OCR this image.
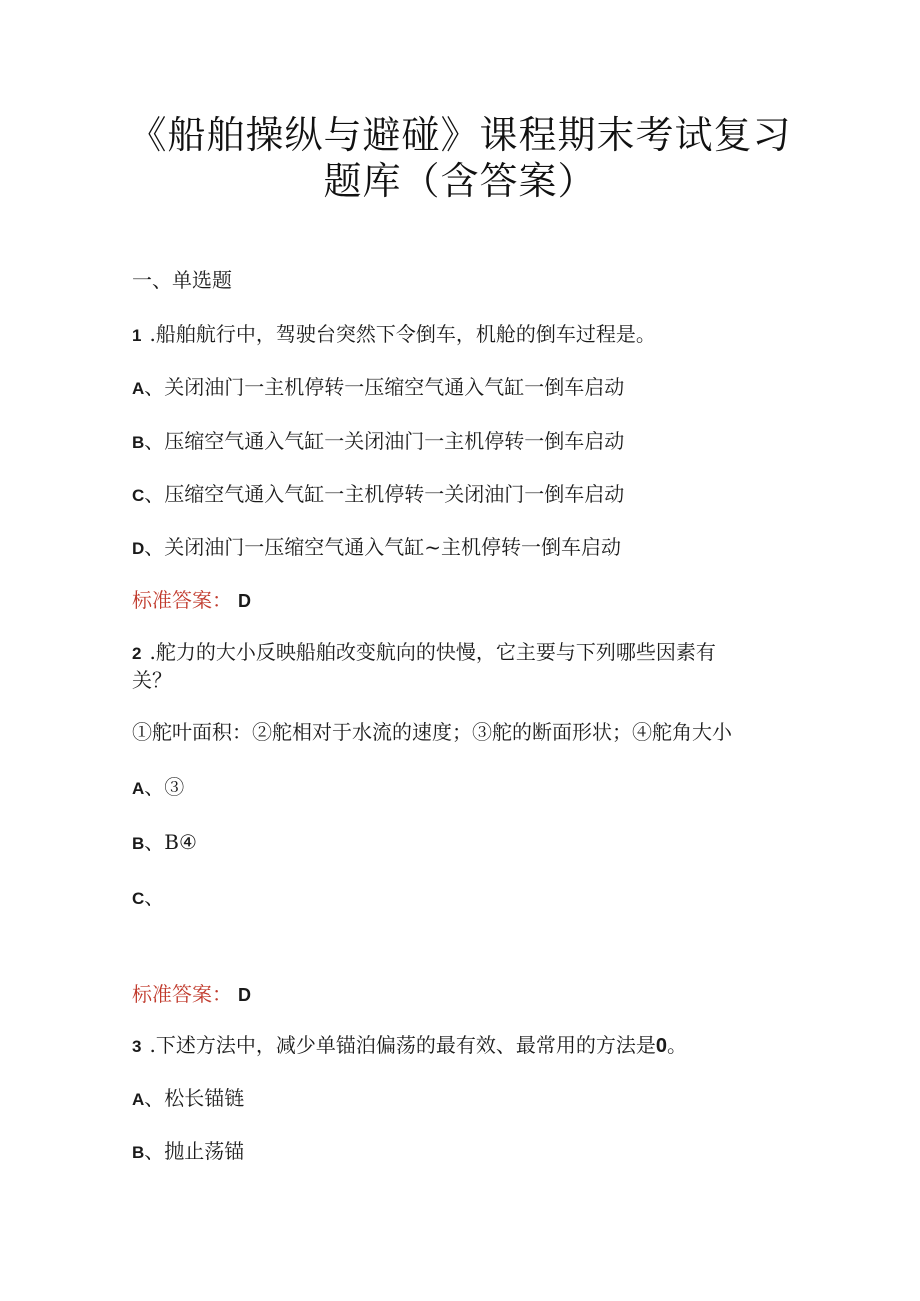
《船舶操纵与避碰》课程期末考试复习
题库（含答案）
一、单选题
1 .船舶航行中，驾驶台突然下令倒车，机舱的倒车过程是。
A、关闭油门一主机停转一压缩空气通入气缸一倒车启动
B、压缩空气通入气缸一关闭油门一主机停转一倒车启动
C、压缩空气通入气缸一主机停转一关闭油门一倒车启动
D、关闭油门一压缩空气通入气缸~主机停转一倒车启动
标准答案： D
2 .舵力的大小反映船舶改变航向的快慢，它主要与下列哪些因素有
关？
①舵叶面积：②舵相对于水流的速度；③舵的断面形状；④舵角大小
A、③
B、B④
C、
标准答案： D
3 .下述方法中，减少单锚泊偏荡的最有效、最常用的方法是0。
A、松长锚链
B、抛止荡锚
